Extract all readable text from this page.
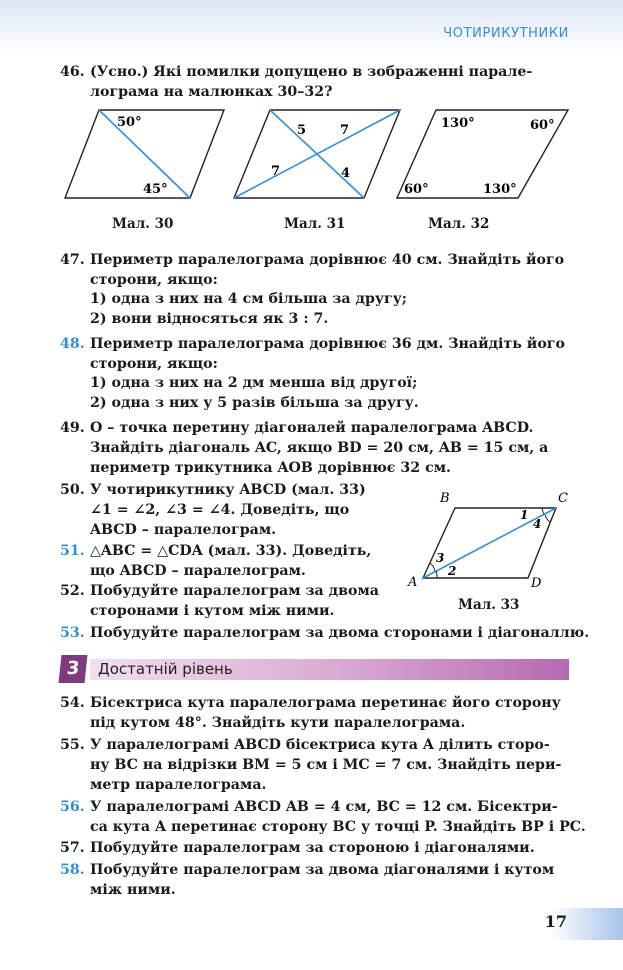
ЧОТИРИКУТНИКИ
46. (Усно.) Які помилки допущено в зображенні парале-
лограма на малюнках 30–32?
50°
45°
5	7
7	4
130°	60°
60°	130°
Мал. 30	Мал. 31	Мал. 32
47. Периметр паралелограма дорівнює 40 см. Знайдіть його
сторони, якщо:
1) одна з них на 4 см більша за другу;
2) вони відносяться як 3 : 7.
48. Периметр паралелограма дорівнює 36 дм. Знайдіть його
сторони, якщо:
1) одна з них на 2 дм менша від другої;
2) одна з них у 5 разів більша за другу.
49. O – точка перетину діагоналей паралелограма ABCD.
Знайдіть діагональ AC, якщо BD = 20 см, AB = 15 см, а
периметр трикутника AOB дорівнює 32 см.
50. У чотирикутнику ABCD (мал. 33)
∠1 = ∠2, ∠3 = ∠4. Доведіть, що
ABCD – паралелограм.
51. △ABC = △CDA (мал. 33). Доведіть,
що ABCD – паралелограм.
52. Побудуйте паралелограм за двома
сторонами і кутом між ними.
B	C
A	D
1
4
3
2
Мал. 33
53. Побудуйте паралелограм за двома сторонами і діагоналлю.
3	Достатній рівень
54. Бісектриса кута паралелограма перетинає його сторону
під кутом 48°. Знайдіть кути паралелограма.
55. У паралелограмі ABCD бісектриса кута A ділить сторо-
ну BC на відрізки BM = 5 см і MC = 7 см. Знайдіть пери-
метр паралелограма.
56. У паралелограмі ABCD AB = 4 см, BC = 12 см. Бісектри-
са кута A перетинає сторону BC у точці P. Знайдіть BP і PC.
57. Побудуйте паралелограм за стороною і діагоналями.
58. Побудуйте паралелограм за двома діагоналями і кутом
між ними.
17
